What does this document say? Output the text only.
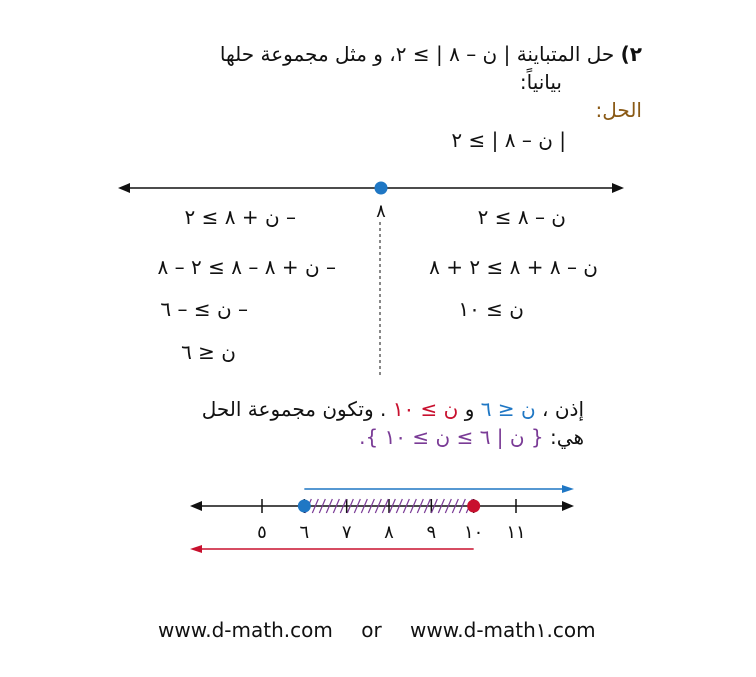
٢) حل المتباينة | ن – ٨ | ≥ ٢، و مثل مجموعة حلها
بيانياً:
الحل:
| ن – ٨ | ≥ ٢
٨
٥ ٦ ٧ ٨ ٩ ١٠ ١١
– ن + ٨ ≥ ٢
– ن + ٨ – ٨ ≥ ٢ – ٨
– ن ≥ – ٦
ن ≤ ٦
ن – ٨ ≥ ٢
ن – ٨ + ٨ ≥ ٢ + ٨
ن ≥ ١٠
إذن ، ن ≤ ٦ و ن ≥ ١٠ . وتكون مجموعة الحل
هي: { ن | ٦ ≥ ن ≥ ١٠ }.
www.d-math.com or www.d-math١.com
